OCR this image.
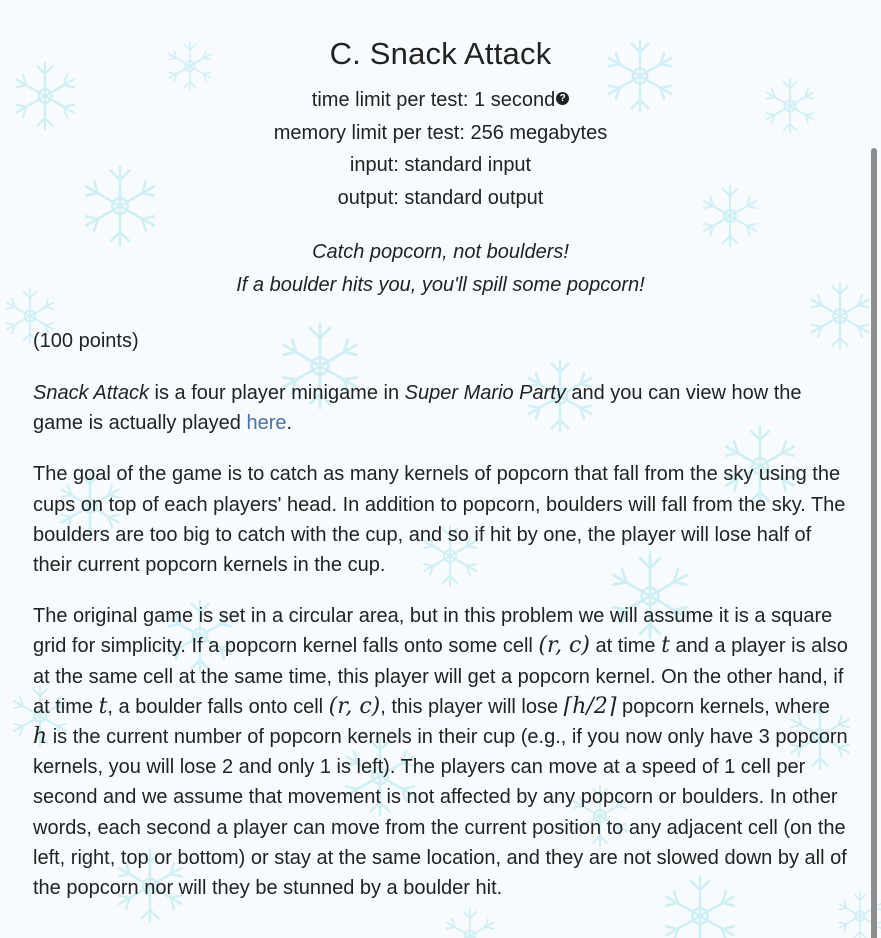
C. Snack Attack
time limit per test: 1 second ?
memory limit per test: 256 megabytes
input: standard input
output: standard output
Catch popcorn, not boulders!
If a boulder hits you, you'll spill some popcorn!
(100 points)

Snack Attack is a four player minigame in Super Mario Party and you can view how the game is actually played here.

The goal of the game is to catch as many kernels of popcorn that fall from the sky using the cups on top of each players' head. In addition to popcorn, boulders will fall from the sky. The boulders are too big to catch with the cup, and so if hit by one, the player will lose half of their current popcorn kernels in the cup.

The original game is set in a circular area, but in this problem we will assume it is a square grid for simplicity. If a popcorn kernel falls onto some cell (r, c) at time t and a player is also at the same cell at the same time, this player will get a popcorn kernel. On the other hand, if at time t, a boulder falls onto cell (r, c), this player will lose ⌈h/2⌉ popcorn kernels, where h is the current number of popcorn kernels in their cup (e.g., if you now only have 3 popcorn kernels, you will lose 2 and only 1 is left). The players can move at a speed of 1 cell per second and we assume that movement is not affected by any popcorn or boulders. In other words, each second a player can move from the current position to any adjacent cell (on the left, right, top or bottom) or stay at the same location, and they are not slowed down by all of the popcorn nor will they be stunned by a boulder hit.
